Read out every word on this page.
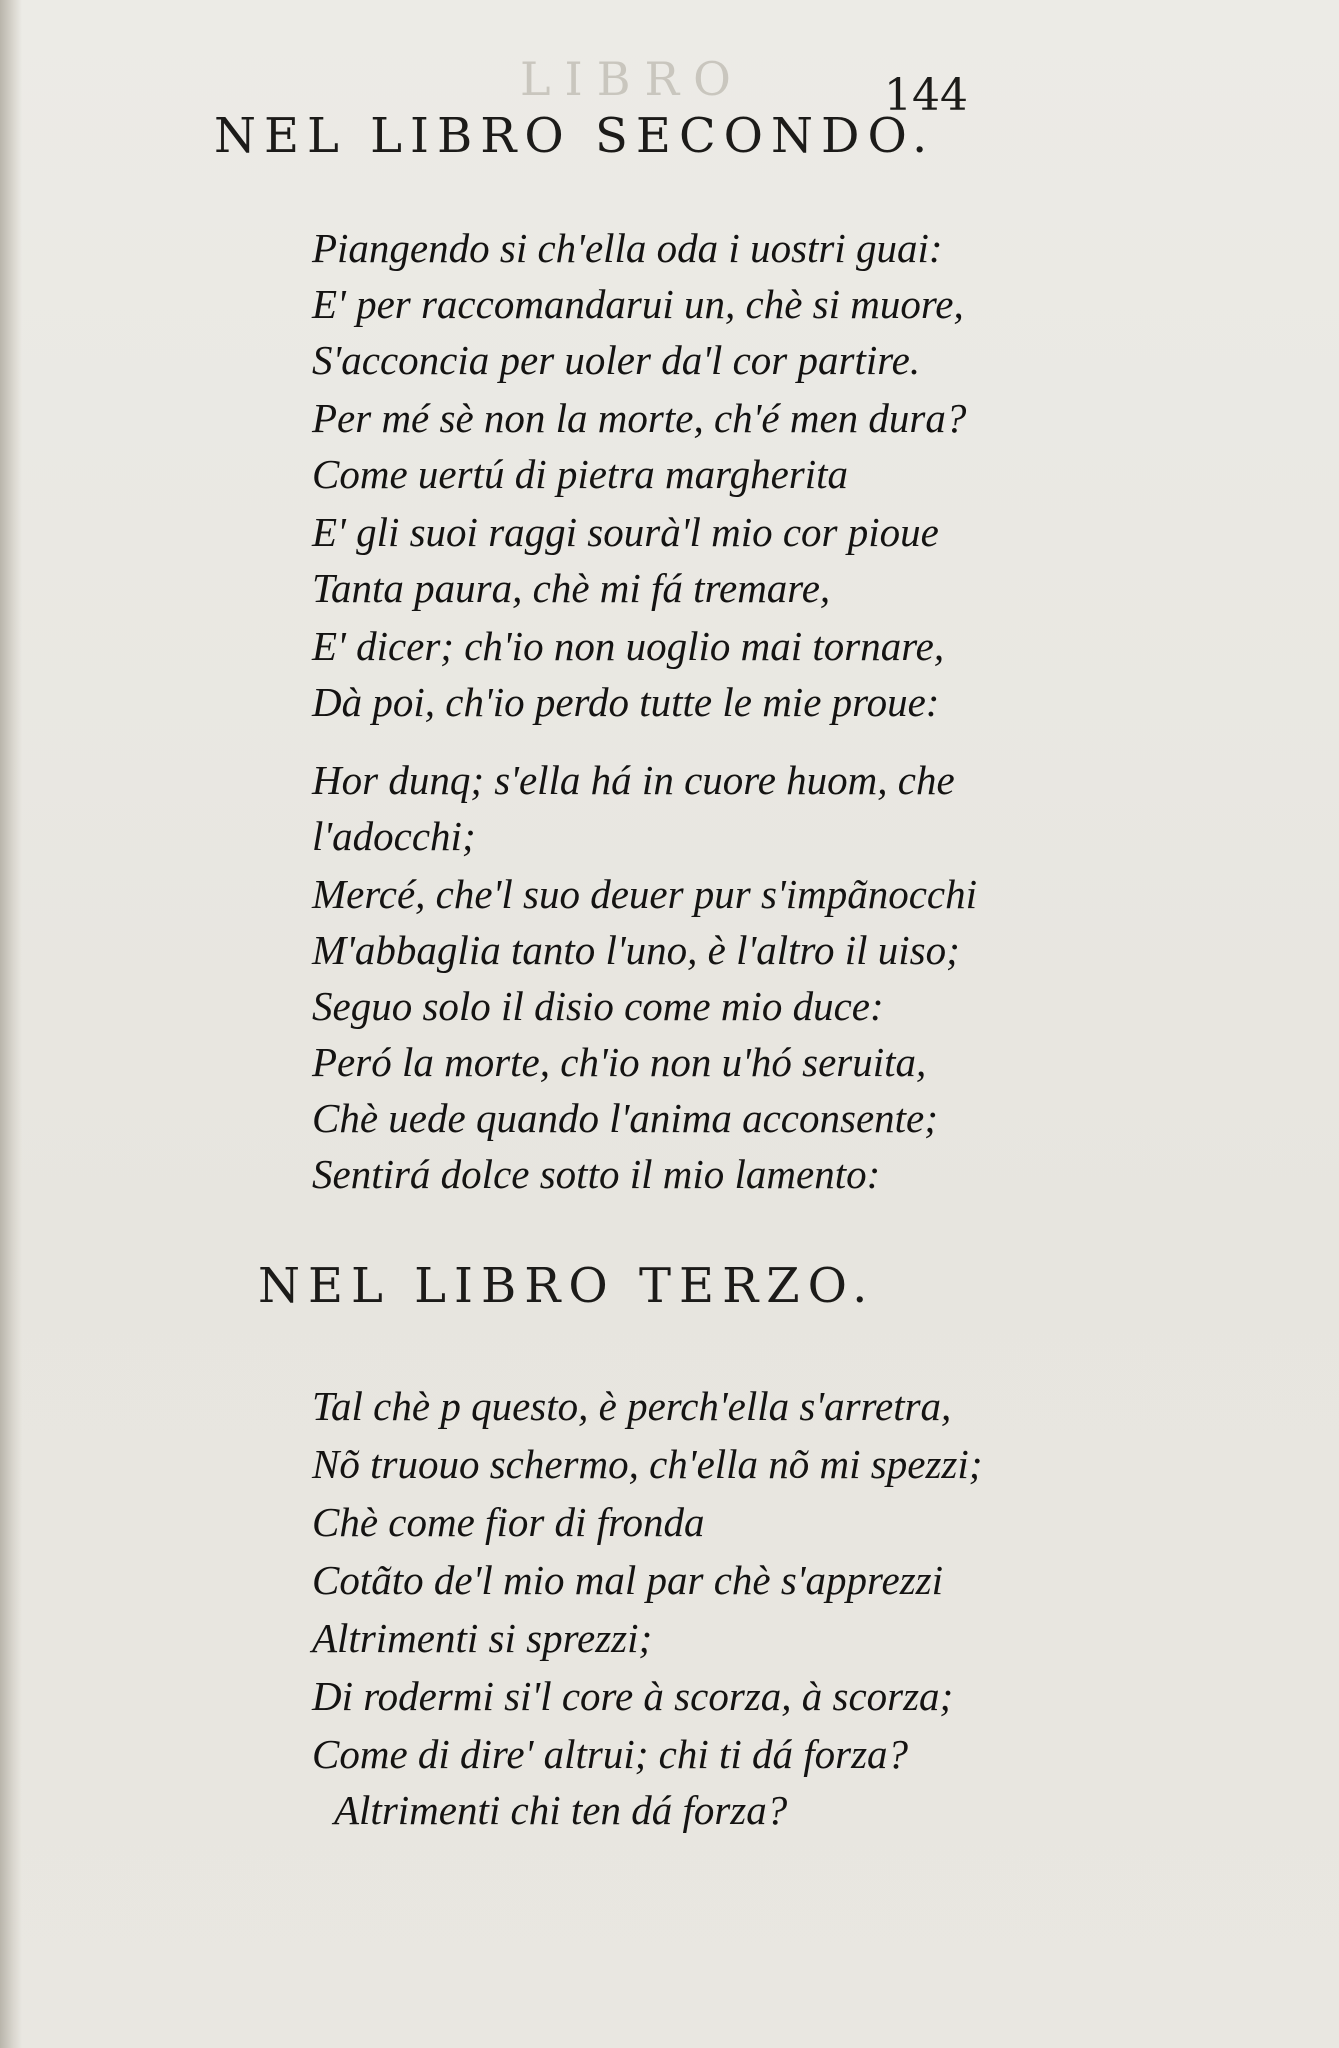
LIBRO	144
NEL LIBRO SECONDO.
Piangendo si ch'ella oda i uostri guai:
E' per raccomandarui un, chè si muore,
S'acconcia per uoler da'l cor partire.
Per mé sè non la morte, ch'é men dura?
Come uertú di pietra margherita
E' gli suoi raggi sourà'l mio cor pioue
Tanta paura, chè mi fá tremare,
E' dicer; ch'io non uoglio mai tornare,
Dà poi, ch'io perdo tutte le mie proue:
Hor dunq; s'ella há in cuore huom, che
l'adocchi;
Mercé, che'l suo deuer pur s'impãnocchi
M'abbaglia tanto l'uno, è l'altro il uiso;
Seguo solo il disio come mio duce:
Peró la morte, ch'io non u'hó seruita,
Chè uede quando l'anima acconsente;
Sentirá dolce sotto il mio lamento:
NEL LIBRO TERZO.
Tal chè p questo, è perch'ella s'arretra,
Nõ truouo schermo, ch'ella nõ mi spezzi;
Chè come fior di fronda
Cotãto de'l mio mal par chè s'apprezzi
Altrimenti si sprezzi;
Di rodermi si'l core à scorza, à scorza;
Come di dire' altrui; chi ti dá forza?
Altrimenti chi ten dá forza?
